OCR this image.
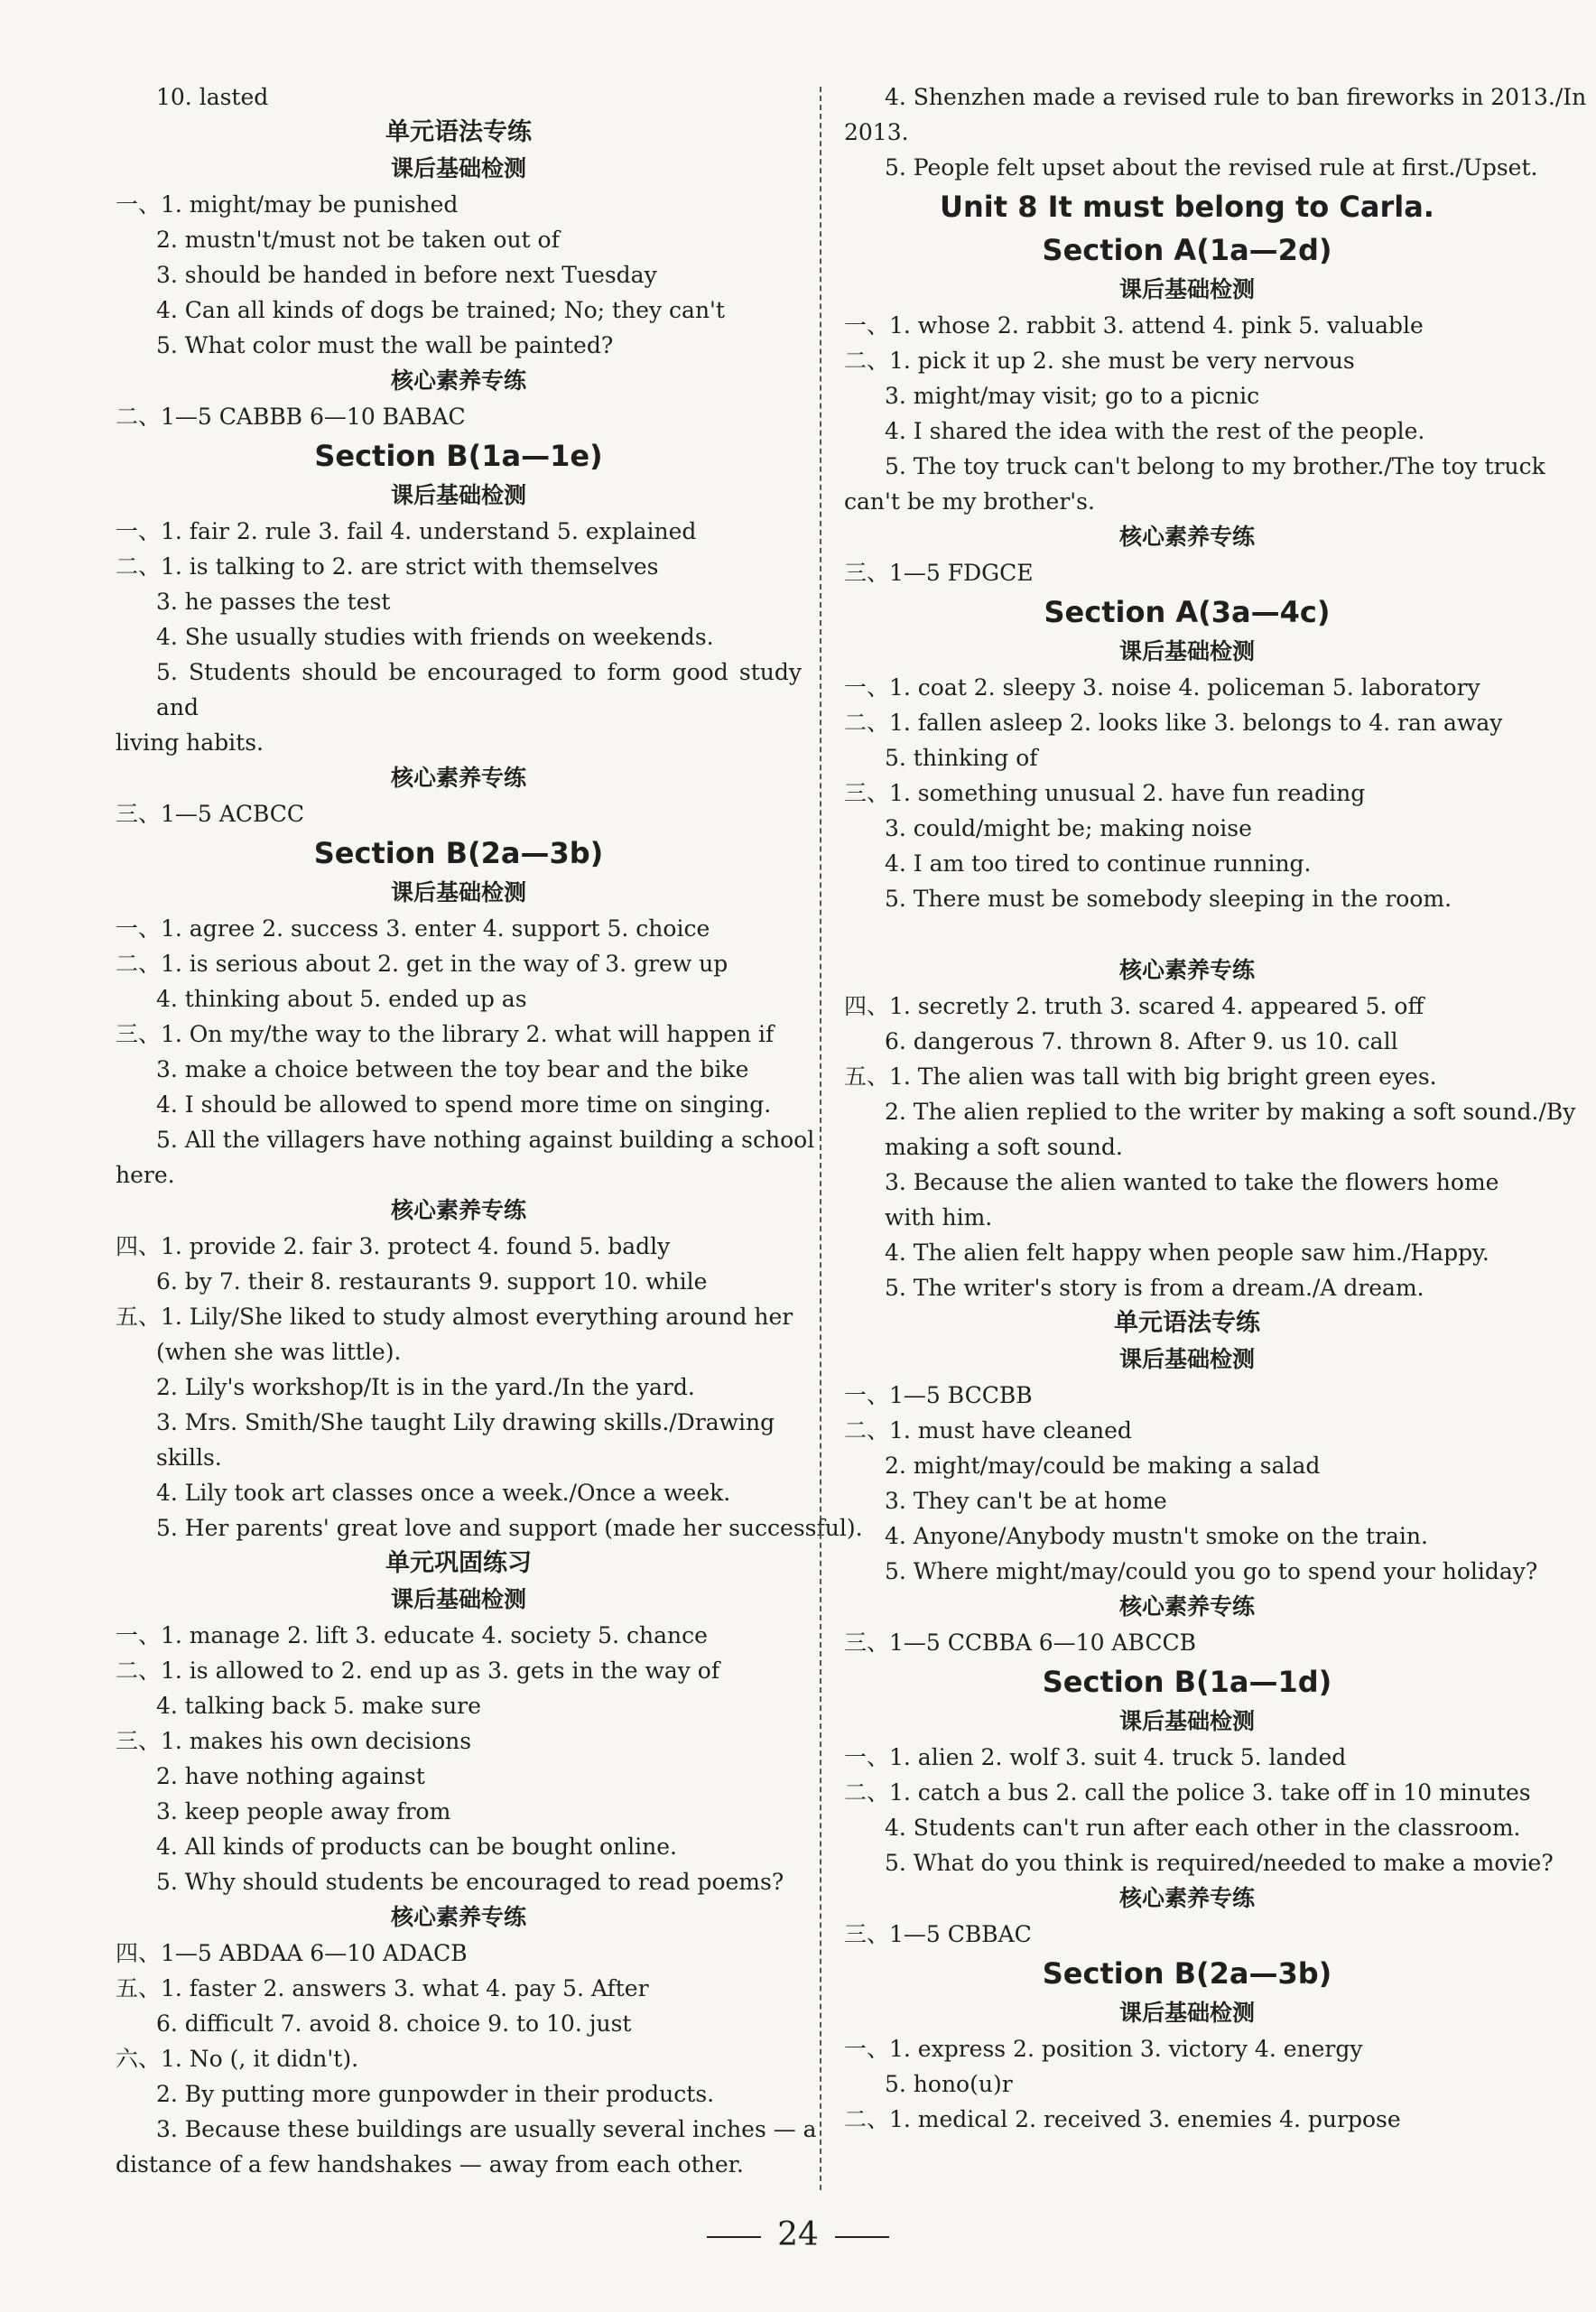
10. lasted
单元语法专练
课后基础检测
一、1. might/may be punished
2. mustn't/must not be taken out of
3. should be handed in before next Tuesday
4. Can all kinds of dogs be trained; No; they can't
5. What color must the wall be painted?
核心素养专练
二、1—5 CABBB 6—10 BABAC
Section B(1a—1e)
课后基础检测
一、1. fair 2. rule 3. fail 4. understand 5. explained
二、1. is talking to 2. are strict with themselves
3. he passes the test
4. She usually studies with friends on weekends.
5. Students should be encouraged to form good study and
living habits.
核心素养专练
三、1—5 ACBCC
Section B(2a—3b)
课后基础检测
一、1. agree 2. success 3. enter 4. support 5. choice
二、1. is serious about 2. get in the way of 3. grew up
4. thinking about 5. ended up as
三、1. On my/the way to the library 2. what will happen if
3. make a choice between the toy bear and the bike
4. I should be allowed to spend more time on singing.
5. All the villagers have nothing against building a school
here.
核心素养专练
四、1. provide 2. fair 3. protect 4. found 5. badly
6. by 7. their 8. restaurants 9. support 10. while
五、1. Lily/She liked to study almost everything around her
(when she was little).
2. Lily's workshop/It is in the yard./In the yard.
3. Mrs. Smith/She taught Lily drawing skills./Drawing
skills.
4. Lily took art classes once a week./Once a week.
5. Her parents' great love and support (made her successful).
单元巩固练习
课后基础检测
一、1. manage 2. lift 3. educate 4. society 5. chance
二、1. is allowed to 2. end up as 3. gets in the way of
4. talking back 5. make sure
三、1. makes his own decisions
2. have nothing against
3. keep people away from
4. All kinds of products can be bought online.
5. Why should students be encouraged to read poems?
核心素养专练
四、1—5 ABDAA 6—10 ADACB
五、1. faster 2. answers 3. what 4. pay 5. After
6. difficult 7. avoid 8. choice 9. to 10. just
六、1. No (, it didn't).
2. By putting more gunpowder in their products.
3. Because these buildings are usually several inches — a
distance of a few handshakes — away from each other.
4. Shenzhen made a revised rule to ban fireworks in 2013./In
2013.
5. People felt upset about the revised rule at first./Upset.
Unit 8 It must belong to Carla.
Section A(1a—2d)
课后基础检测
一、1. whose 2. rabbit 3. attend 4. pink 5. valuable
二、1. pick it up 2. she must be very nervous
3. might/may visit; go to a picnic
4. I shared the idea with the rest of the people.
5. The toy truck can't belong to my brother./The toy truck
can't be my brother's.
核心素养专练
三、1—5 FDGCE
Section A(3a—4c)
课后基础检测
一、1. coat 2. sleepy 3. noise 4. policeman 5. laboratory
二、1. fallen asleep 2. looks like 3. belongs to 4. ran away
5. thinking of
三、1. something unusual 2. have fun reading
3. could/might be; making noise
4. I am too tired to continue running.
5. There must be somebody sleeping in the room.
核心素养专练
四、1. secretly 2. truth 3. scared 4. appeared 5. off
6. dangerous 7. thrown 8. After 9. us 10. call
五、1. The alien was tall with big bright green eyes.
2. The alien replied to the writer by making a soft sound./By
making a soft sound.
3. Because the alien wanted to take the flowers home
with him.
4. The alien felt happy when people saw him./Happy.
5. The writer's story is from a dream./A dream.
单元语法专练
课后基础检测
一、1—5 BCCBB
二、1. must have cleaned
2. might/may/could be making a salad
3. They can't be at home
4. Anyone/Anybody mustn't smoke on the train.
5. Where might/may/could you go to spend your holiday?
核心素养专练
三、1—5 CCBBA 6—10 ABCCB
Section B(1a—1d)
课后基础检测
一、1. alien 2. wolf 3. suit 4. truck 5. landed
二、1. catch a bus 2. call the police 3. take off in 10 minutes
4. Students can't run after each other in the classroom.
5. What do you think is required/needed to make a movie?
核心素养专练
三、1—5 CBBAC
Section B(2a—3b)
课后基础检测
一、1. express 2. position 3. victory 4. energy
5. hono(u)r
二、1. medical 2. received 3. enemies 4. purpose
24
